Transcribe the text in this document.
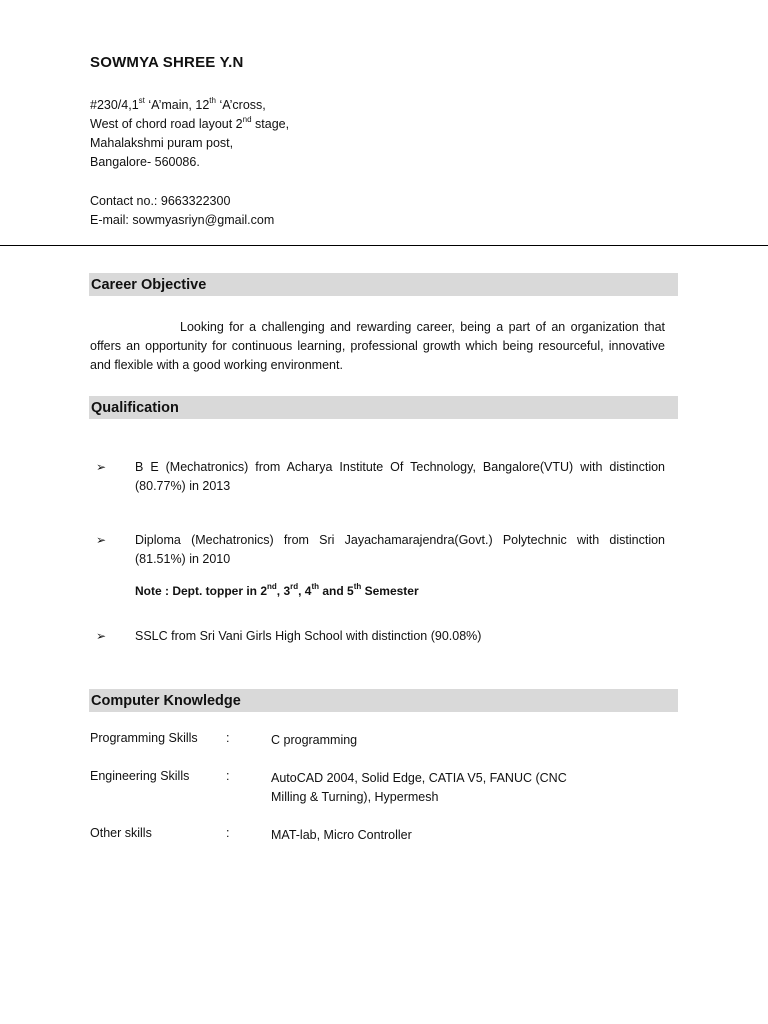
SOWMYA SHREE Y.N
#230/4,1st ‘A’main, 12th ‘A’cross,
West of chord road layout 2nd stage,
Mahalakshmi puram post,
Bangalore- 560086.
Contact no.: 9663322300
E-mail: sowmyasriyn@gmail.com
Career Objective
Looking for a challenging and rewarding career, being a part of an organization that offers an opportunity for continuous learning, professional growth which being resourceful, innovative and flexible with a good working environment.
Qualification
➢ B E (Mechatronics) from Acharya Institute Of Technology, Bangalore(VTU) with distinction (80.77%) in 2013
➢ Diploma (Mechatronics) from Sri Jayachamarajendra(Govt.) Polytechnic with distinction (81.51%) in 2010
Note : Dept. topper in 2nd, 3rd, 4th and 5th Semester
➢ SSLC from Sri Vani Girls High School with distinction (90.08%)
Computer Knowledge
Programming Skills :	C programming
Engineering Skills	:	AutoCAD 2004, Solid Edge, CATIA V5, FANUC (CNC
Milling & Turning), Hypermesh
Other skills	:	MAT-lab, Micro Controller
